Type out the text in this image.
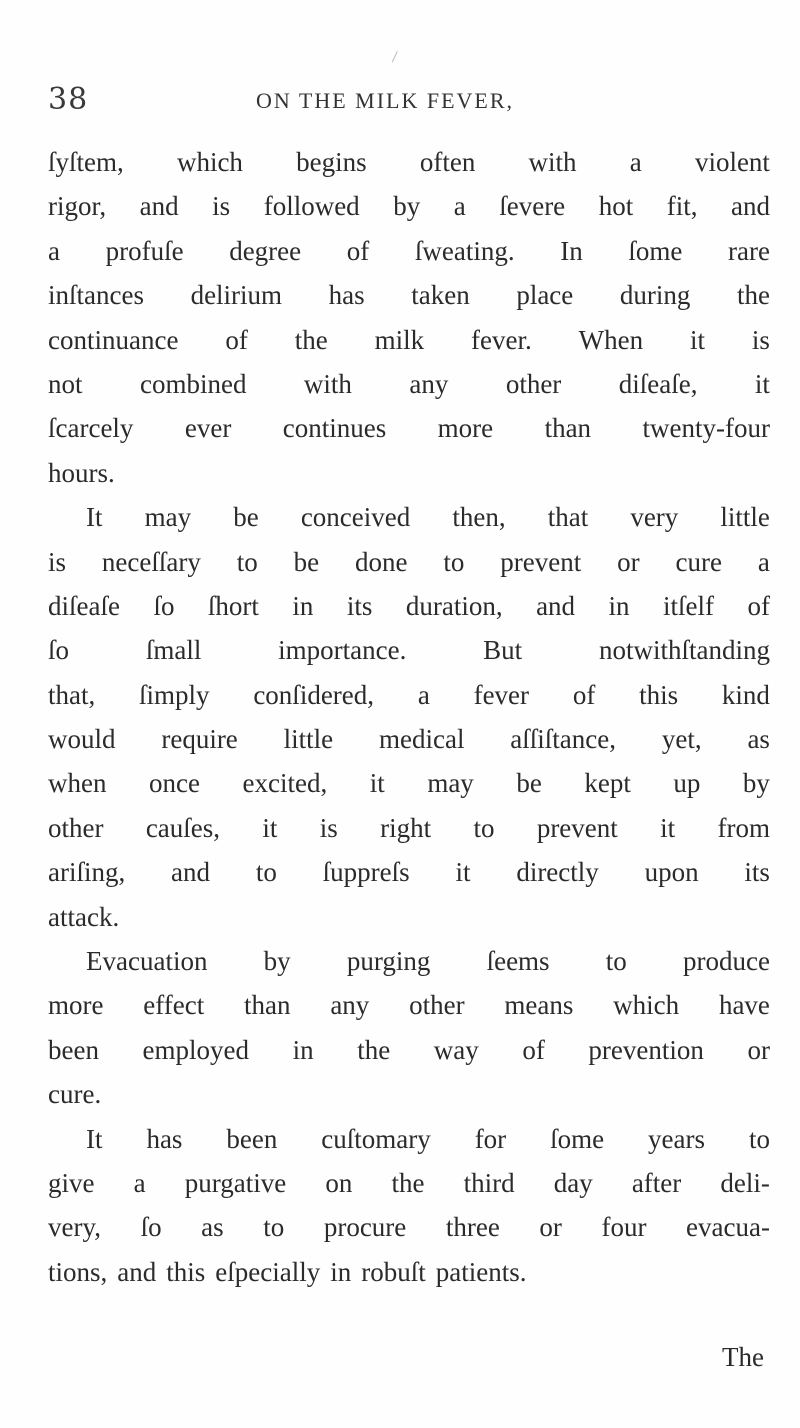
38	ON THE MILK FEVER,
ſyſtem, which begins often with a violent
rigor, and is followed by a ſevere hot fit, and
a profuſe degree of ſweating. In ſome rare
inſtances delirium has taken place during the
continuance of the milk fever. When it is
not combined with any other diſeaſe, it
ſcarcely ever continues more than twenty-four
hours.
It may be conceived then, that very little
is neceſſary to be done to prevent or cure a
diſeaſe ſo ſhort in its duration, and in itſelf of
ſo	ſmall	importance.	But	notwithſtanding
that, ſimply conſidered, a fever of this kind
would require little medical aſſiſtance, yet, as
when once excited, it may be kept up by
other cauſes, it is right to prevent it from
ariſing, and to ſuppreſs it directly upon its
attack.
Evacuation by purging ſeems to produce
more effect than any other means which have
been employed in the way of prevention or
cure.
It has been cuſtomary for ſome years to
give a purgative on the third day after deli-
very, ſo as to procure three or four evacua-
tions, and this eſpecially in robuſt patients.
The
